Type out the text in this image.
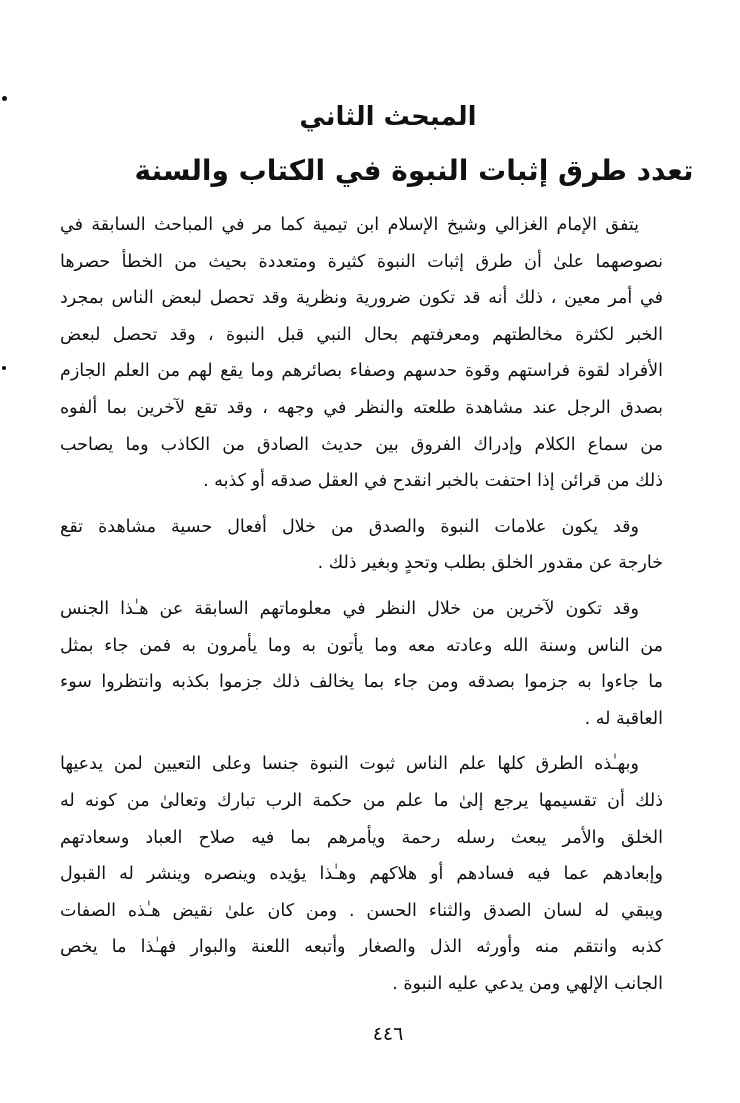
المبحث الثاني
تعدد طرق إثبات النبوة في الكتاب والسنة
يتفق الإمام الغزالي وشيخ الإسلام ابن تيمية كما مر في المباحث السابقة في
نصوصهما علىٰ أن طرق إثبات النبوة كثيرة ومتعددة بحيث من الخطأ حصرها
في أمر معين ، ذلك أنه قد تكون ضرورية ونظرية وقد تحصل لبعض الناس بمجرد
الخبر لكثرة مخالطتهم ومعرفتهم بحال النبي قبل النبوة ، وقد تحصل لبعض
الأفراد لقوة فراستهم وقوة حدسهم وصفاء بصائرهم وما يقع لهم من العلم الجازم
بصدق الرجل عند مشاهدة طلعته والنظر في وجهه ، وقد تقع لآخرين بما ألفوه
من سماع الكلام وإدراك الفروق بين حديث الصادق من الكاذب وما يصاحب
ذلك من قرائن إذا احتفت بالخبر انقدح في العقل صدقه أو كذبه .
وقد يكون علامات النبوة والصدق من خلال أفعال حسية مشاهدة تقع
خارجة عن مقدور الخلق بطلب وتحدٍ وبغير ذلك .
وقد تكون لآخرين من خلال النظر في معلوماتهم السابقة عن هـٰذا الجنس
من الناس وسنة الله وعادته معه وما يأتون به وما يأمرون به فمن جاء بمثل
ما جاءوا به جزموا بصدقه ومن جاء بما يخالف ذلك جزموا بكذبه وانتظروا سوء
العاقبة له .
وبهـٰذه الطرق كلها علم الناس ثبوت النبوة جنسا وعلى التعيين لمن يدعيها
ذلك أن تقسيمها يرجع إلىٰ ما علم من حكمة الرب تبارك وتعالىٰ من كونه له
الخلق والأمر يبعث رسله رحمة ويأمرهم بما فيه صلاح العباد وسعادتهم
وإبعادهم عما فيه فسادهم أو هلاكهم وهـٰذا يؤيده وينصره وينشر له القبول
ويبقي له لسان الصدق والثناء الحسن . ومن كان علىٰ نقيض هـٰذه الصفات
كذبه وانتقم منه وأورثه الذل والصغار وأتبعه اللعنة والبوار فهـٰذا ما يخص
الجانب الإلهي ومن يدعي عليه النبوة .
٤٤٦
